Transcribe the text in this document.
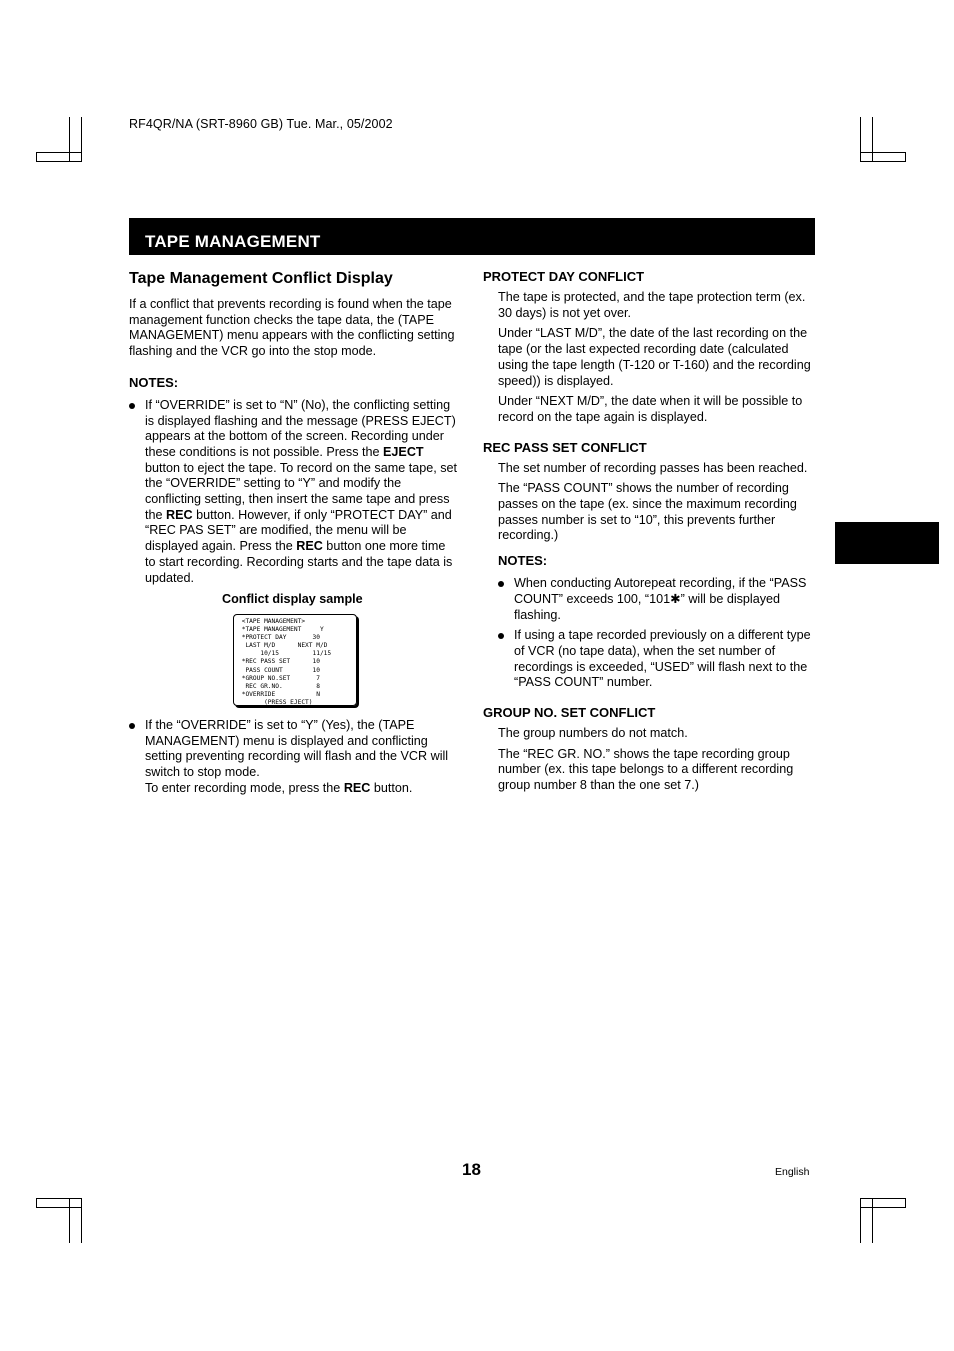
RF4QR/NA (SRT-8960 GB) Tue. Mar., 05/2002
TAPE MANAGEMENT
Tape Management Conflict Display

If a conflict that prevents recording is found when the tape management function checks the tape data, the (TAPE MANAGEMENT) menu appears with the conflicting setting flashing and the VCR go into the stop mode.

NOTES:

If “OVERRIDE” is set to “N” (No), the conflicting setting is displayed flashing and the message (PRESS EJECT) appears at the bottom of the screen. Recording under these conditions is not possible. Press the EJECT button to eject the tape. To record on the same tape, set the “OVERRIDE” setting to “Y” and modify the conflicting setting, then insert the same tape and press the REC button. However, if only “PROTECT DAY” and “REC PAS SET” are modified, the menu will be displayed again. Press the REC button one more time to start recording. Recording starts and the tape data is updated.

Conflict display sample
<TAPE MANAGEMENT>
*TAPE MANAGEMENT     Y
*PROTECT DAY       30
LAST M/D      NEXT M/D
10/15         11/15
*REC PASS SET      10
PASS COUNT        10
*GROUP NO.SET       7
REC GR.NO.         8
*OVERRIDE           N
(PRESS EJECT)

If the “OVERRIDE” is set to “Y” (Yes), the (TAPE MANAGEMENT) menu is displayed and conflicting setting preventing recording will flash and the VCR will switch to stop mode.

To enter recording mode, press the REC button.

PROTECT DAY CONFLICT

The tape is protected, and the tape protection term (ex. 30 days) is not yet over.

Under “LAST M/D”, the date of the last recording on the tape (or the last expected recording date (calculated using the tape length (T-120 or T-160) and the recording speed)) is displayed.

Under “NEXT M/D”, the date when it will be possible to record on the tape again is displayed.

REC PASS SET CONFLICT

The set number of recording passes has been reached.

The “PASS COUNT” shows the number of recording passes on the tape (ex. since the maximum recording passes number is set to “10”, this prevents further recording.)

NOTES:

When conducting Autorepeat recording, if the “PASS COUNT” exceeds 100, “101✱” will be displayed flashing.

If using a tape recorded previously on a different type of VCR (no tape data), when the set number of recordings is exceeded, “USED” will flash next to the “PASS COUNT” number.

GROUP NO. SET CONFLICT

The group numbers do not match.

The “REC GR. NO.” shows the tape recording group number (ex. this tape belongs to a different recording group number 8 than the one set 7.)

18	English
